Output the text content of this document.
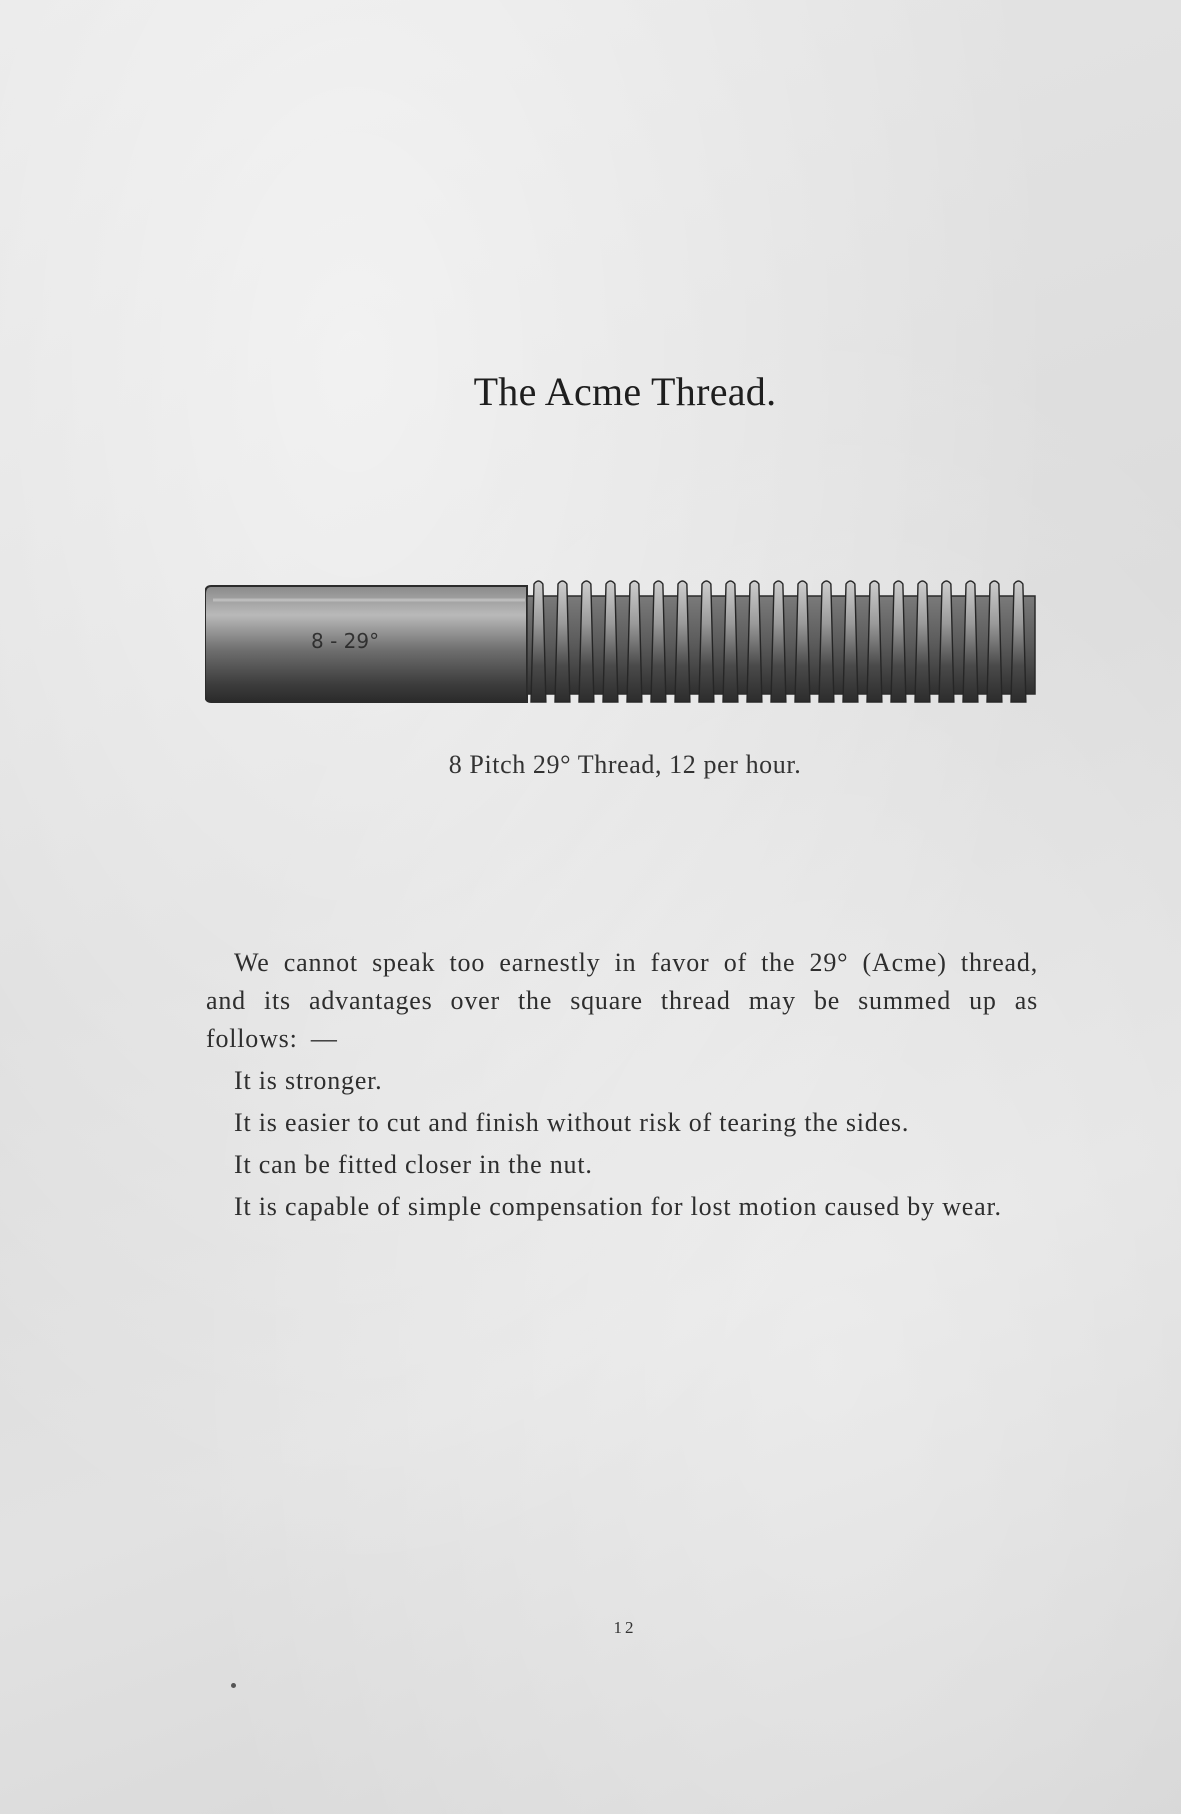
The Acme Thread.
8 - 29°
8 Pitch 29° Thread, 12 per hour.

We cannot speak too earnestly in favor of the 29° (Acme) thread, and its advantages over the square thread may be summed up as follows: —

It is stronger.

It is easier to cut and finish without risk of tearing the sides.

It can be fitted closer in the nut.

It is capable of simple compensation for lost motion caused by wear.

12
